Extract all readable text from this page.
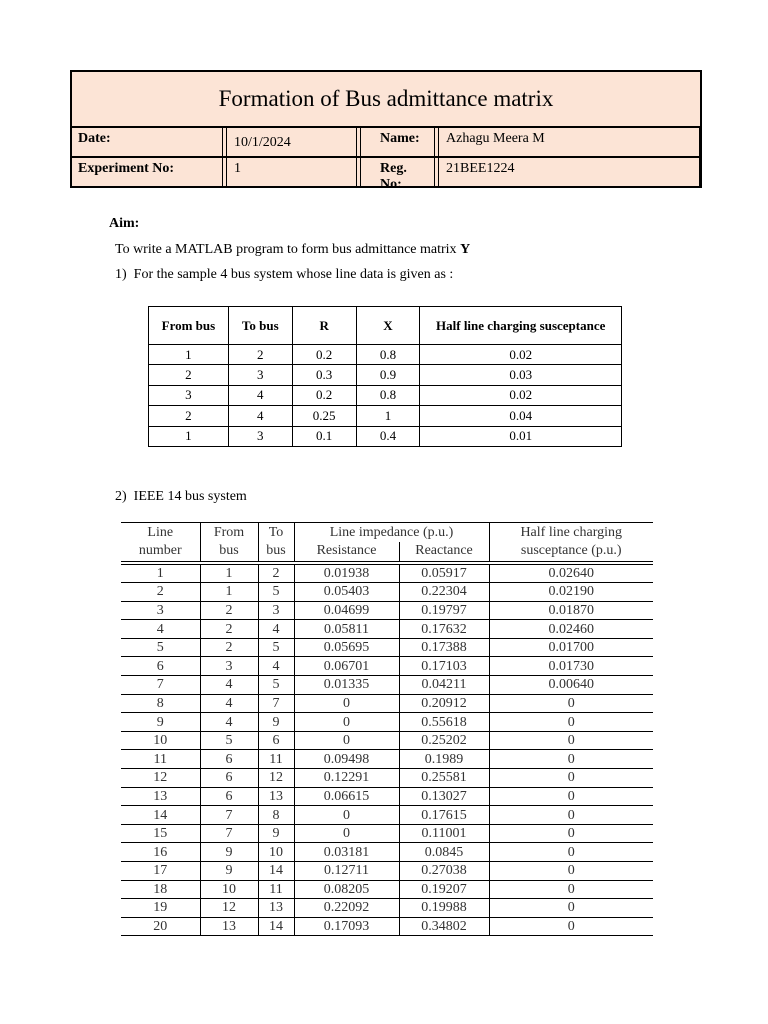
Formation of Bus admittance matrix
Date:	10/1/2024	Name:	Azhagu Meera M
Experiment No:	1	Reg. No:
21BEE1224
Aim:
To write a MATLAB program to form bus admittance matrix Y
1)  For the sample 4 bus system whose line data is given as :
From bus	To bus	R	X	Half line charging susceptance
1	2	0.2	0.8	0.02
2	3	0.3	0.9	0.03
3	4	0.2	0.8	0.02
2	4	0.25	1	0.04
1	3	0.1	0.4	0.01
2)  IEEE 14 bus system
Line	From	To	Line impedance (p.u.)		Half line charging
number	bus	bus	Resistance	Reactance	susceptance (p.u.)

1	1	2	0.01938	0.05917	0.02640
2	1	5	0.05403	0.22304	0.02190
3	2	3	0.04699	0.19797	0.01870
4	2	4	0.05811	0.17632	0.02460
5	2	5	0.05695	0.17388	0.01700
6	3	4	0.06701	0.17103	0.01730
7	4	5	0.01335	0.04211	0.00640
8	4	7	0	0.20912	0
9	4	9	0	0.55618	0
10	5	6	0	0.25202	0
11	6	11	0.09498	0.1989	0
12	6	12	0.12291	0.25581	0
13	6	13	0.06615	0.13027	0
14	7	8	0	0.17615	0
15	7	9	0	0.11001	0
16	9	10	0.03181	0.0845	0
17	9	14	0.12711	0.27038	0
18	10	11	0.08205	0.19207	0
19	12	13	0.22092	0.19988	0
20	13	14	0.17093	0.34802	0
